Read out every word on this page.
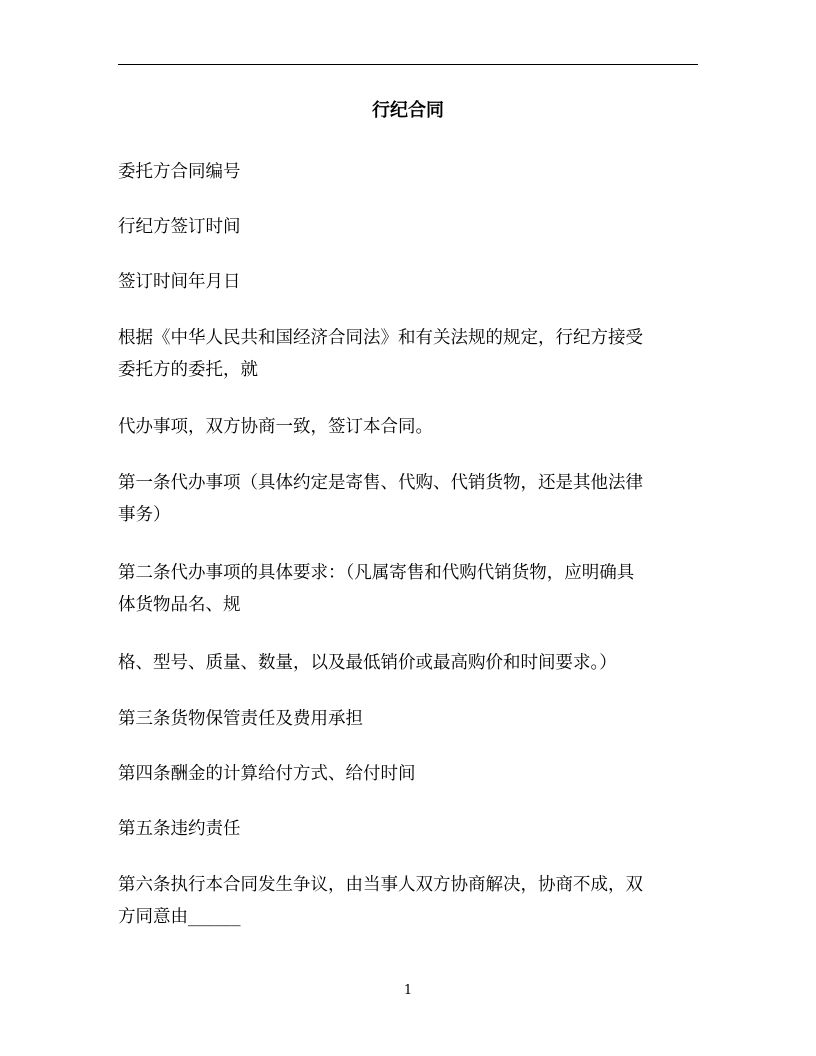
行纪合同
委托方合同编号
行纪方签订时间
签订时间年月日
根据《中华人民共和国经济合同法》和有关法规的规定，行纪方接受
委托方的委托，就
代办事项，双方协商一致，签订本合同。
第一条代办事项（具体约定是寄售、代购、代销货物，还是其他法律
事务）
第二条代办事项的具体要求：（凡属寄售和代购代销货物，应明确具
体货物品名、规
格、型号、质量、数量，以及最低销价或最高购价和时间要求。）
第三条货物保管责任及费用承担
第四条酬金的计算给付方式、给付时间
第五条违约责任
第六条执行本合同发生争议，由当事人双方协商解决，协商不成，双
方同意由______
1
